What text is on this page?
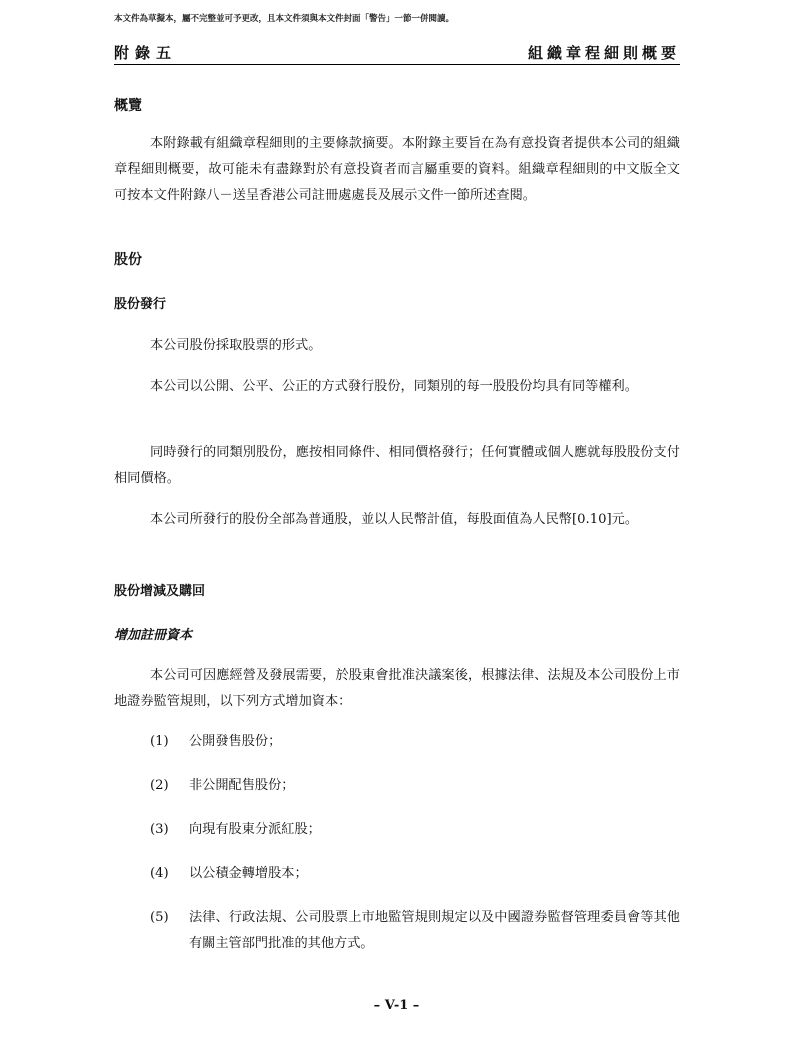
本文件為草擬本，屬不完整並可予更改，且本文件須與本文件封面「警告」一節一併閱讀。
附錄五	組織章程細則概要
概覽

本附錄載有組織章程細則的主要條款摘要。本附錄主要旨在為有意投資者提供本公司的組織章程細則概要，故可能未有盡錄對於有意投資者而言屬重要的資料。組織章程細則的中文版全文可按本文件附錄八－送呈香港公司註冊處處長及展示文件一節所述查閱。

股份
股份發行

本公司股份採取股票的形式。

本公司以公開、公平、公正的方式發行股份，同類別的每一股股份均具有同等權利。

同時發行的同類別股份，應按相同條件、相同價格發行；任何實體或個人應就每股股份支付相同價格。

本公司所發行的股份全部為普通股，並以人民幣計值，每股面值為人民幣[0.10]元。

股份增減及購回
增加註冊資本

本公司可因應經營及發展需要，於股東會批准決議案後，根據法律、法規及本公司股份上市地證券監管規則，以下列方式增加資本：

(1) 公開發售股份；
(2) 非公開配售股份；
(3) 向現有股東分派紅股；
(4) 以公積金轉增股本；
(5) 法律、行政法規、公司股票上市地監管規則規定以及中國證券監督管理委員會等其他有關主管部門批准的其他方式。
– V-1 –
